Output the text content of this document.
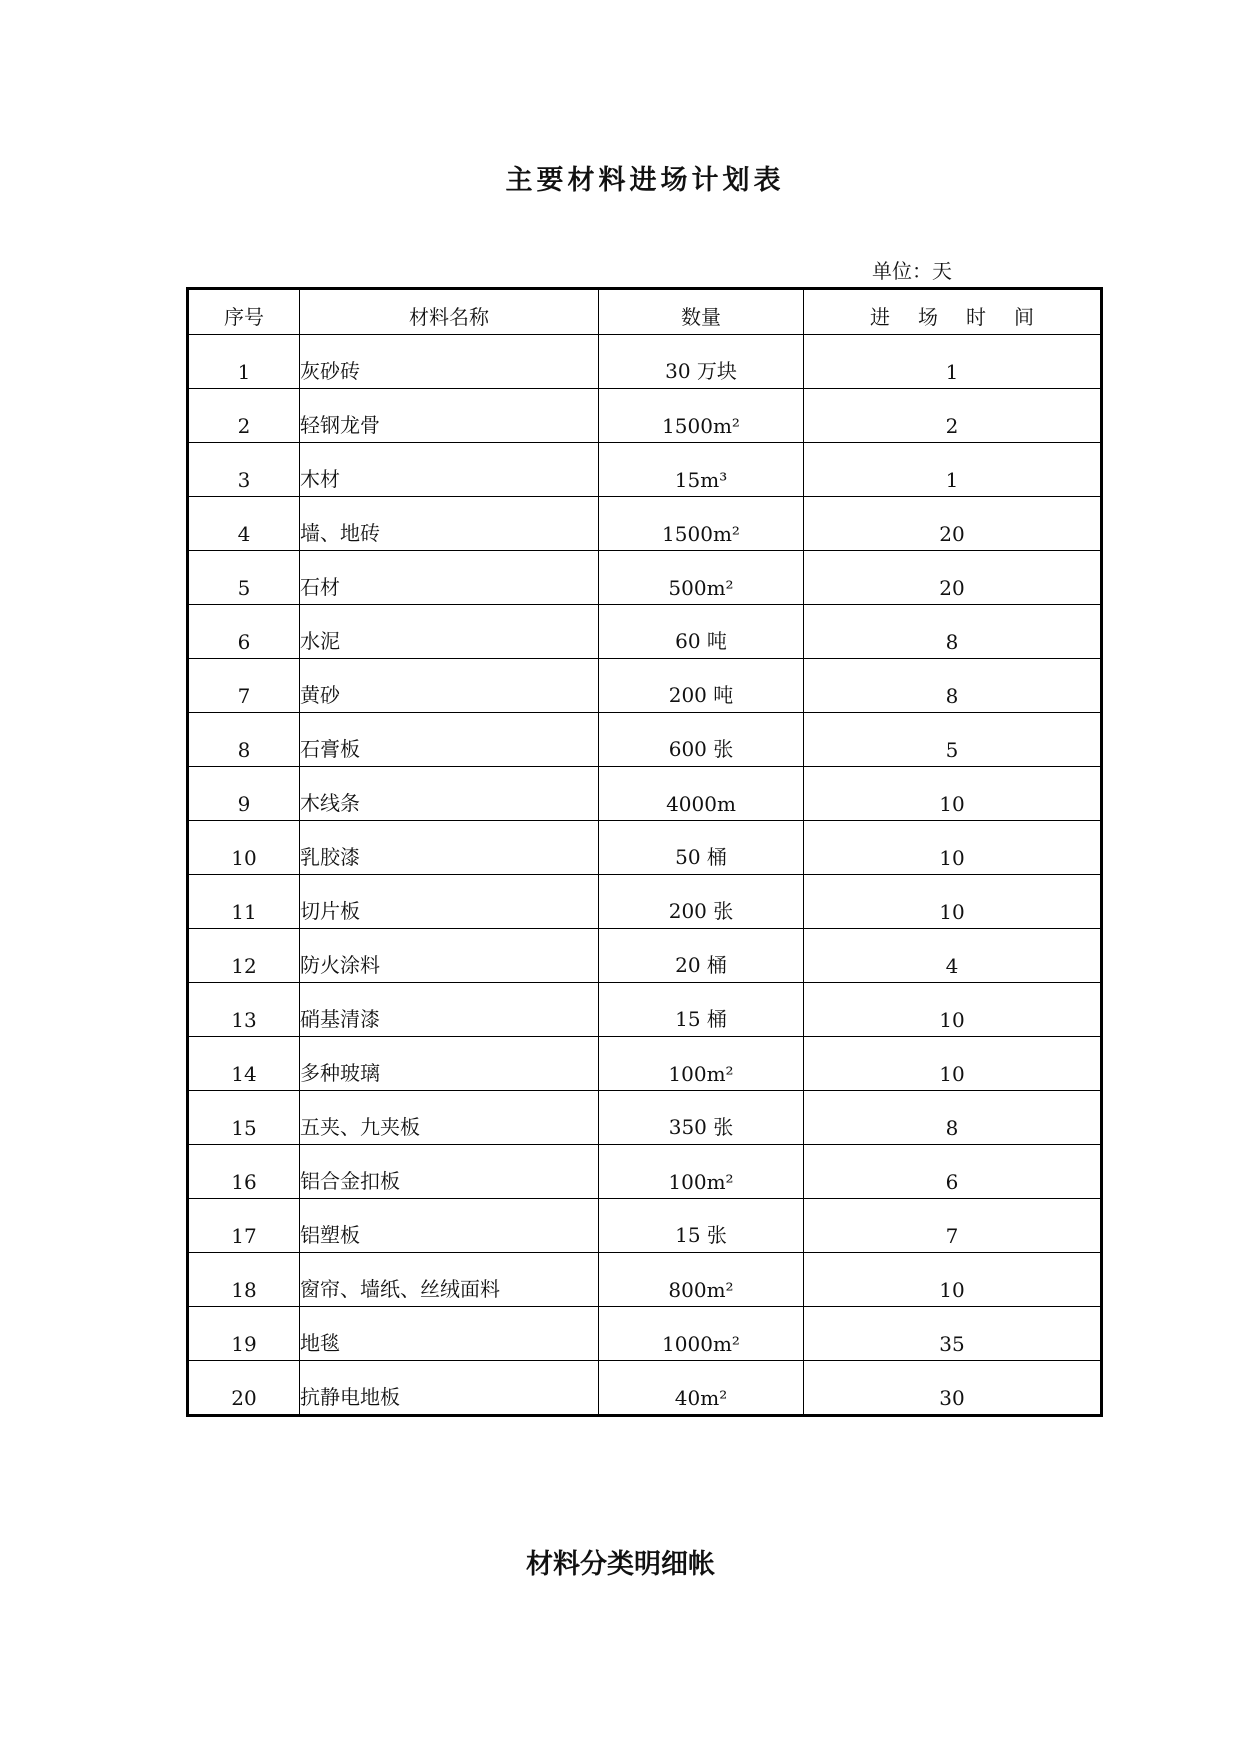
主要材料进场计划表
单位：天
序号	材料名称	数量	进 场 时 间
1	灰砂砖	30 万块	1
2	轻钢龙骨	1500m²	2
3	木材	15m³	1
4	墙、地砖	1500m²	20
5	石材	500m²	20
6	水泥	60 吨	8
7	黄砂	200 吨	8
8	石膏板	600 张	5
9	木线条	4000m	10
10	乳胶漆	50 桶	10
11	切片板	200 张	10
12	防火涂料	20 桶	4
13	硝基清漆	15 桶	10
14	多种玻璃	100m²	10
15	五夹、九夹板	350 张	8
16	铝合金扣板	100m²	6
17	铝塑板	15 张	7
18	窗帘、墙纸、丝绒面料	800m²	10
19	地毯	1000m²	35
20	抗静电地板	40m²	30
材料分类明细帐
